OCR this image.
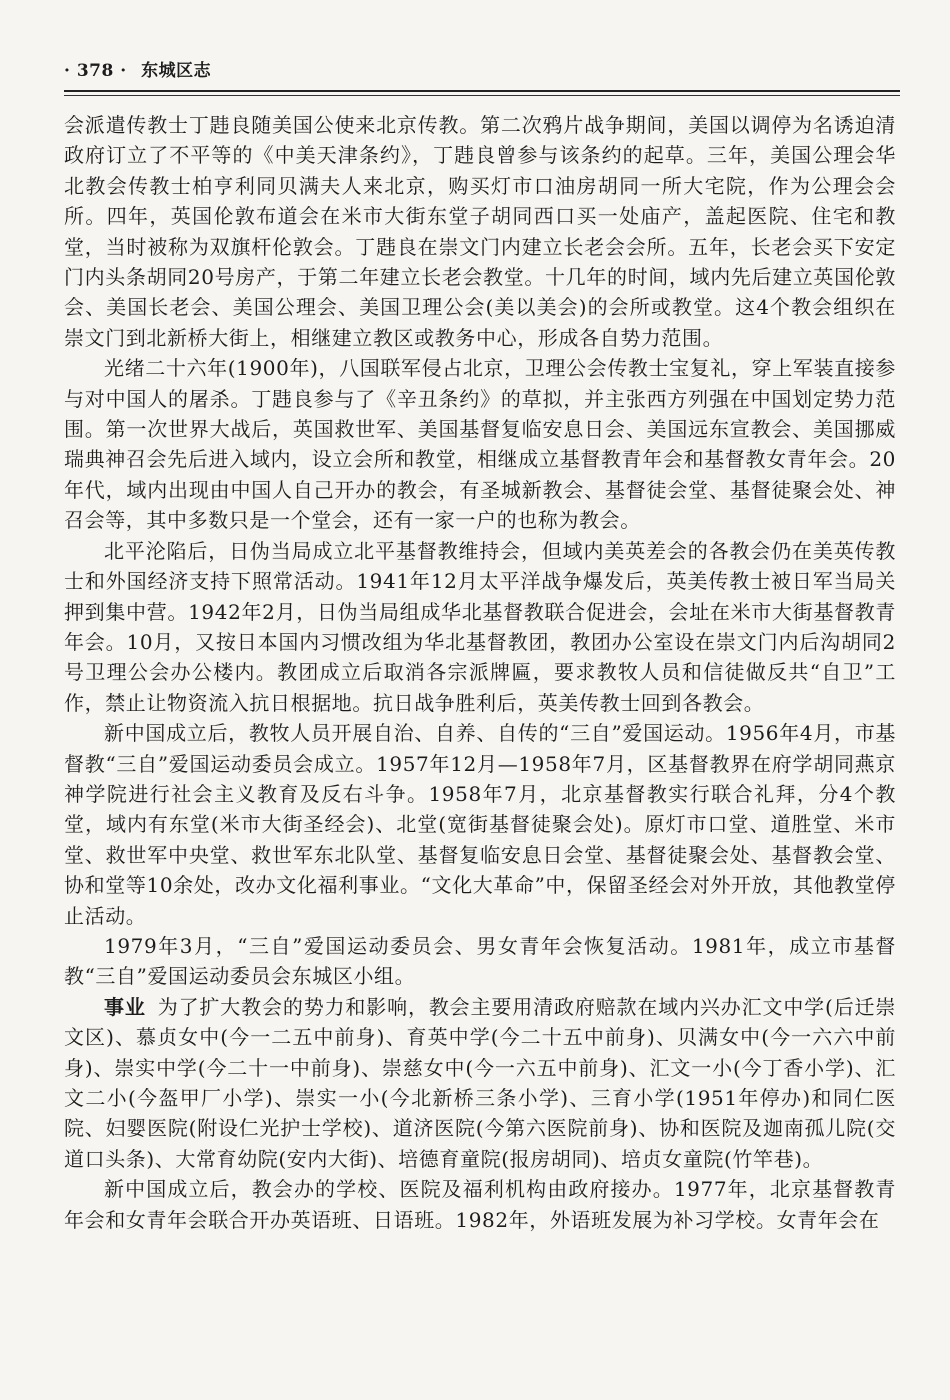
· 378 · 东城区志

会派遣传教士丁韪良随美国公使来北京传教。第二次鸦片战争期间，美国以调停为名诱迫清政府订立了不平等的《中美天津条约》，丁韪良曾参与该条约的起草。三年，美国公理会华北教会传教士柏亨利同贝满夫人来北京，购买灯市口油房胡同一所大宅院，作为公理会会所。四年，英国伦敦布道会在米市大街东堂子胡同西口买一处庙产，盖起医院、住宅和教堂，当时被称为双旗杆伦敦会。丁韪良在崇文门内建立长老会会所。五年，长老会买下安定门内头条胡同20号房产，于第二年建立长老会教堂。十几年的时间，域内先后建立英国伦敦会、美国长老会、美国公理会、美国卫理公会(美以美会)的会所或教堂。这4个教会组织在崇文门到北新桥大街上，相继建立教区或教务中心，形成各自势力范围。

光绪二十六年(1900年)，八国联军侵占北京，卫理公会传教士宝复礼，穿上军装直接参与对中国人的屠杀。丁韪良参与了《辛丑条约》的草拟，并主张西方列强在中国划定势力范围。第一次世界大战后，英国救世军、美国基督复临安息日会、美国远东宣教会、美国挪威瑞典神召会先后进入域内，设立会所和教堂，相继成立基督教青年会和基督教女青年会。20年代，域内出现由中国人自己开办的教会，有圣城新教会、基督徒会堂、基督徒聚会处、神召会等，其中多数只是一个堂会，还有一家一户的也称为教会。

北平沦陷后，日伪当局成立北平基督教维持会，但域内美英差会的各教会仍在美英传教士和外国经济支持下照常活动。1941年12月太平洋战争爆发后，英美传教士被日军当局关押到集中营。1942年2月，日伪当局组成华北基督教联合促进会，会址在米市大街基督教青年会。10月，又按日本国内习惯改组为华北基督教团，教团办公室设在崇文门内后沟胡同2号卫理公会办公楼内。教团成立后取消各宗派牌匾，要求教牧人员和信徒做反共“自卫”工作，禁止让物资流入抗日根据地。抗日战争胜利后，英美传教士回到各教会。

新中国成立后，教牧人员开展自治、自养、自传的“三自”爱国运动。1956年4月，市基督教“三自”爱国运动委员会成立。1957年12月—1958年7月，区基督教界在府学胡同燕京神学院进行社会主义教育及反右斗争。1958年7月，北京基督教实行联合礼拜，分4个教堂，域内有东堂(米市大街圣经会)、北堂(宽街基督徒聚会处)。原灯市口堂、道胜堂、米市堂、救世军中央堂、救世军东北队堂、基督复临安息日会堂、基督徒聚会处、基督教会堂、协和堂等10余处，改办文化福利事业。“文化大革命”中，保留圣经会对外开放，其他教堂停止活动。

1979年3月，“三自”爱国运动委员会、男女青年会恢复活动。1981年，成立市基督教“三自”爱国运动委员会东城区小组。

事业 为了扩大教会的势力和影响，教会主要用清政府赔款在域内兴办汇文中学(后迁崇文区)、慕贞女中(今一二五中前身)、育英中学(今二十五中前身)、贝满女中(今一六六中前身)、崇实中学(今二十一中前身)、崇慈女中(今一六五中前身)、汇文一小(今丁香小学)、汇文二小(今盔甲厂小学)、崇实一小(今北新桥三条小学)、三育小学(1951年停办)和同仁医院、妇婴医院(附设仁光护士学校)、道济医院(今第六医院前身)、协和医院及迦南孤儿院(交道口头条)、大常育幼院(安内大街)、培德育童院(报房胡同)、培贞女童院(竹竿巷)。

新中国成立后，教会办的学校、医院及福利机构由政府接办。1977年，北京基督教青年会和女青年会联合开办英语班、日语班。1982年，外语班发展为补习学校。女青年会在
